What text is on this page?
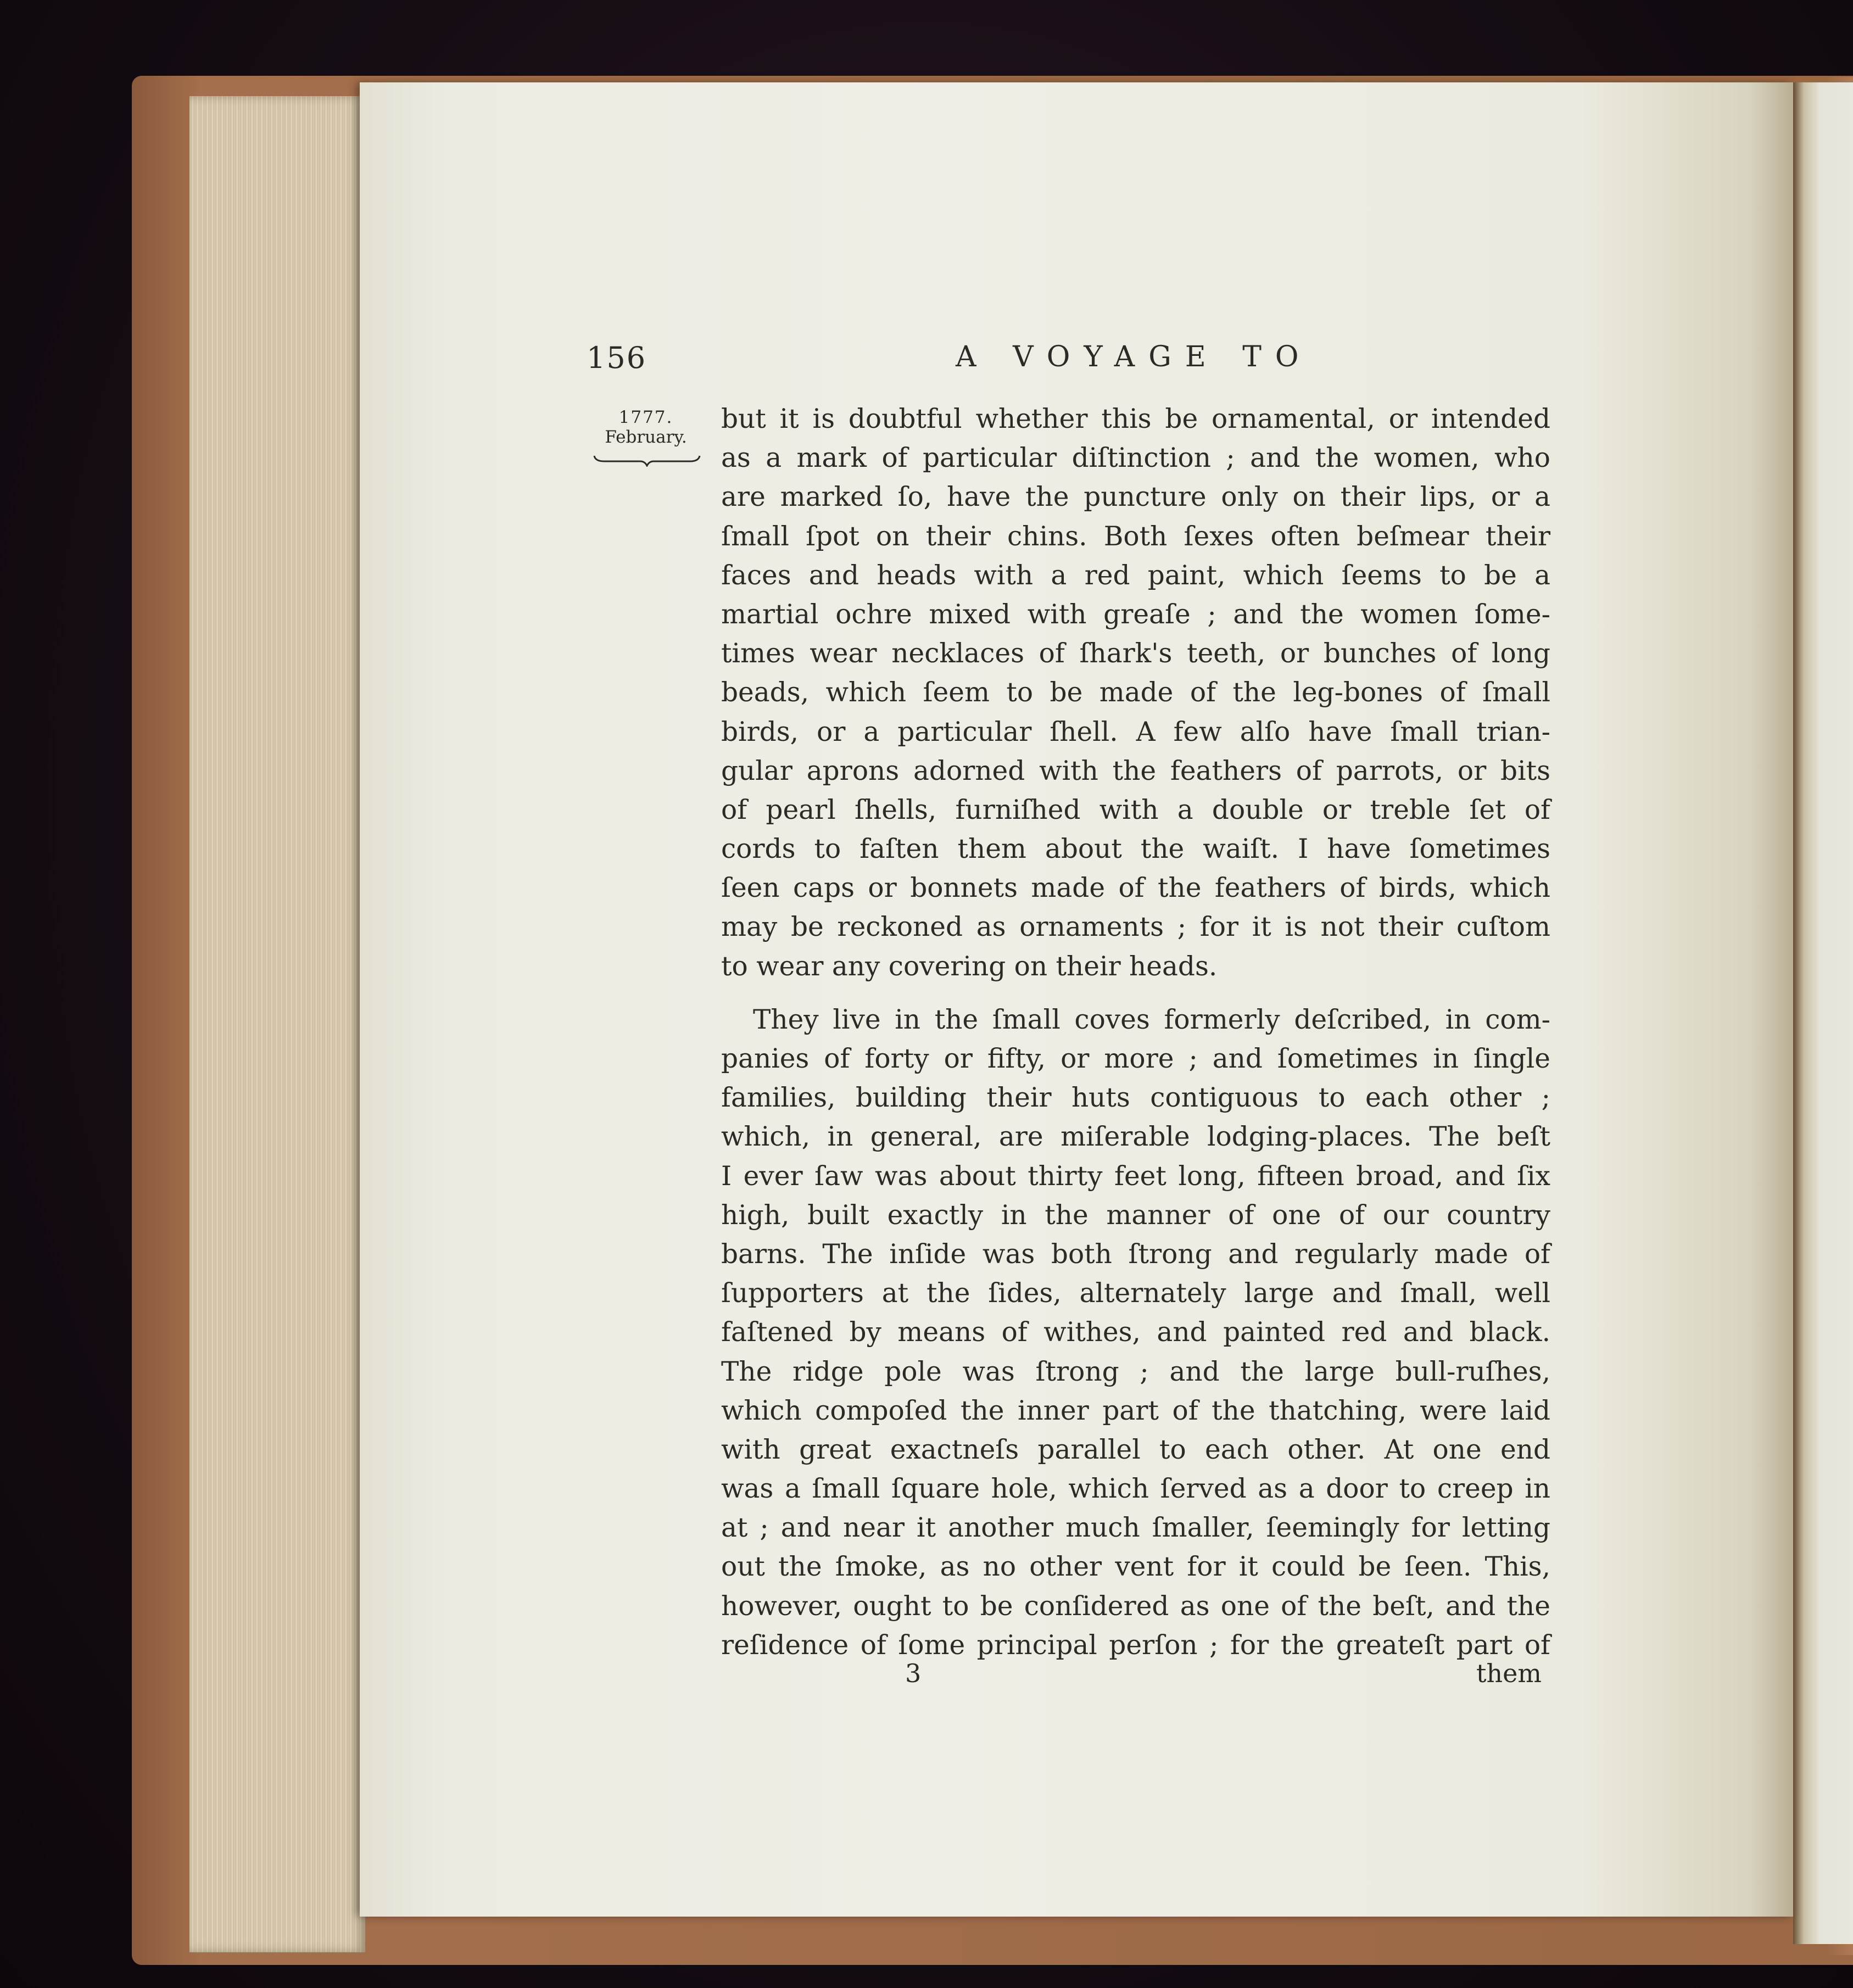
156	A VOYAGE TO
1777.
February.
but it is doubtful whether this be ornamental, or intended
as a mark of particular diſtinction ; and the women, who
are marked ſo, have the puncture only on their lips, or a
ſmall ſpot on their chins. Both ſexes often beſmear their
faces and heads with a red paint, which ſeems to be a
martial ochre mixed with greaſe ; and the women ſome-
times wear necklaces of ſhark's teeth, or bunches of long
beads, which ſeem to be made of the leg-bones of ſmall
birds, or a particular ſhell. A few alſo have ſmall trian-
gular aprons adorned with the feathers of parrots, or bits
of pearl ſhells, furniſhed with a double or treble ſet of
cords to faſten them about the waiſt. I have ſometimes
ſeen caps or bonnets made of the feathers of birds, which
may be reckoned as ornaments ; for it is not their cuſtom
to wear any covering on their heads.
They live in the ſmall coves formerly deſcribed, in com-
panies of forty or fifty, or more ; and ſometimes in ſingle
families, building their huts contiguous to each other ;
which, in general, are miſerable lodging-places. The beſt
I ever ſaw was about thirty feet long, fifteen broad, and ſix
high, built exactly in the manner of one of our country
barns. The inſide was both ſtrong and regularly made of
ſupporters at the ſides, alternately large and ſmall, well
faſtened by means of withes, and painted red and black.
The ridge pole was ſtrong ; and the large bull-ruſhes,
which compoſed the inner part of the thatching, were laid
with great exactneſs parallel to each other. At one end
was a ſmall ſquare hole, which ſerved as a door to creep in
at ; and near it another much ſmaller, ſeemingly for letting
out the ſmoke, as no other vent for it could be ſeen. This,
however, ought to be conſidered as one of the beſt, and the
reſidence of ſome principal perſon ; for the greateſt part of
3	them
